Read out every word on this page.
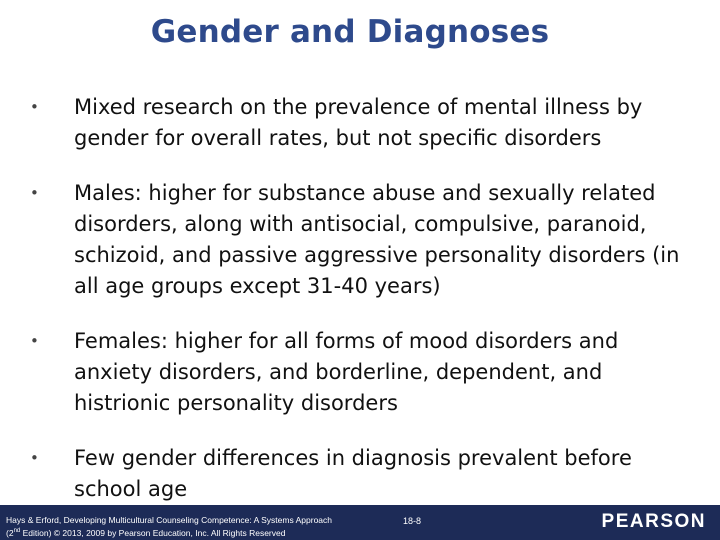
Gender and Diagnoses
• Mixed research on the prevalence of mental illness by gender for overall rates, but not specific disorders
• Males: higher for substance abuse and sexually related disorders, along with antisocial, compulsive, paranoid, schizoid, and passive aggressive personality disorders (in all age groups except 31-40 years)
• Females: higher for all forms of mood disorders and anxiety disorders, and borderline, dependent, and histrionic personality disorders
• Few gender differences in diagnosis prevalent before school age
Hays & Erford, Developing Multicultural Counseling Competence: A Systems Approach
(2nd Edition) © 2013, 2009 by Pearson Education, Inc. All Rights Reserved
18-8	PEARSON
